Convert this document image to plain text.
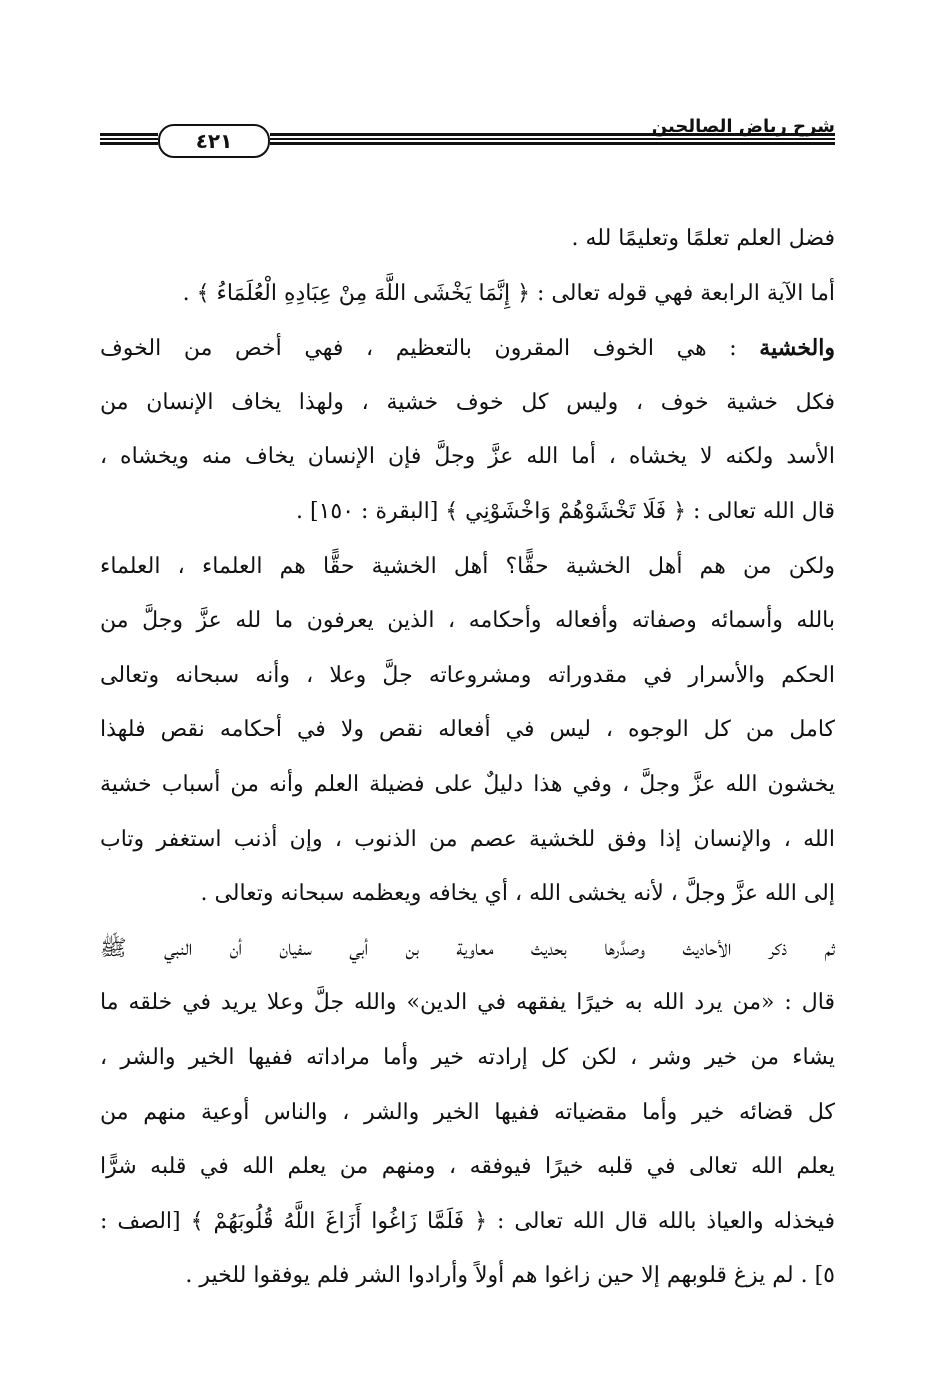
٤٢١
شرح رياض الصالحين
فضل العلم تعلمًا وتعليمًا لله .
أما الآية الرابعة فهي قوله تعالى : ﴿ إِنَّمَا يَخْشَى اللَّهَ مِنْ عِبَادِهِ الْعُلَمَاءُ ﴾ .
والخشية : هي الخوف المقرون بالتعظيم ، فهي أخص من الخوف
فكل خشية خوف ، وليس كل خوف خشية ، ولهذا يخاف الإنسان من
الأسد ولكنه لا يخشاه ، أما الله عزَّ وجلَّ فإن الإنسان يخاف منه ويخشاه ،
قال الله تعالى : ﴿ فَلَا تَخْشَوْهُمْ وَاخْشَوْنِي ﴾ [البقرة : ١٥٠] .
ولكن من هم أهل الخشية حقًّا؟ أهل الخشية حقًّا هم العلماء ، العلماء
بالله وأسمائه وصفاته وأفعاله وأحكامه ، الذين يعرفون ما لله عزَّ وجلَّ من
الحكم والأسرار في مقدوراته ومشروعاته جلَّ وعلا ، وأنه سبحانه وتعالى
كامل من كل الوجوه ، ليس في أفعاله نقص ولا في أحكامه نقص فلهذا
يخشون الله عزَّ وجلَّ ، وفي هذا دليلٌ على فضيلة العلم وأنه من أسباب خشية
الله ، والإنسان إذا وفق للخشية عصم من الذنوب ، وإن أذنب استغفر وتاب
إلى الله عزَّ وجلَّ ، لأنه يخشى الله ، أي يخافه ويعظمه سبحانه وتعالى .
ثم ذكر الأحاديث وصدَّرها بحديث معاوية بن أبي سفيان أن النبي ﷺ
قال : «من يرد الله به خيرًا يفقهه في الدين» والله جلَّ وعلا يريد في خلقه ما
يشاء من خير وشر ، لكن كل إرادته خير وأما مراداته ففيها الخير والشر ،
كل قضائه خير وأما مقضياته ففيها الخير والشر ، والناس أوعية منهم من
يعلم الله تعالى في قلبه خيرًا فيوفقه ، ومنهم من يعلم الله في قلبه شرًّا
فيخذله والعياذ بالله قال الله تعالى : ﴿ فَلَمَّا زَاغُوا أَزَاغَ اللَّهُ قُلُوبَهُمْ ﴾ [الصف :
٥] . لم يزغ قلوبهم إلا حين زاغوا هم أولاً وأرادوا الشر فلم يوفقوا للخير .
